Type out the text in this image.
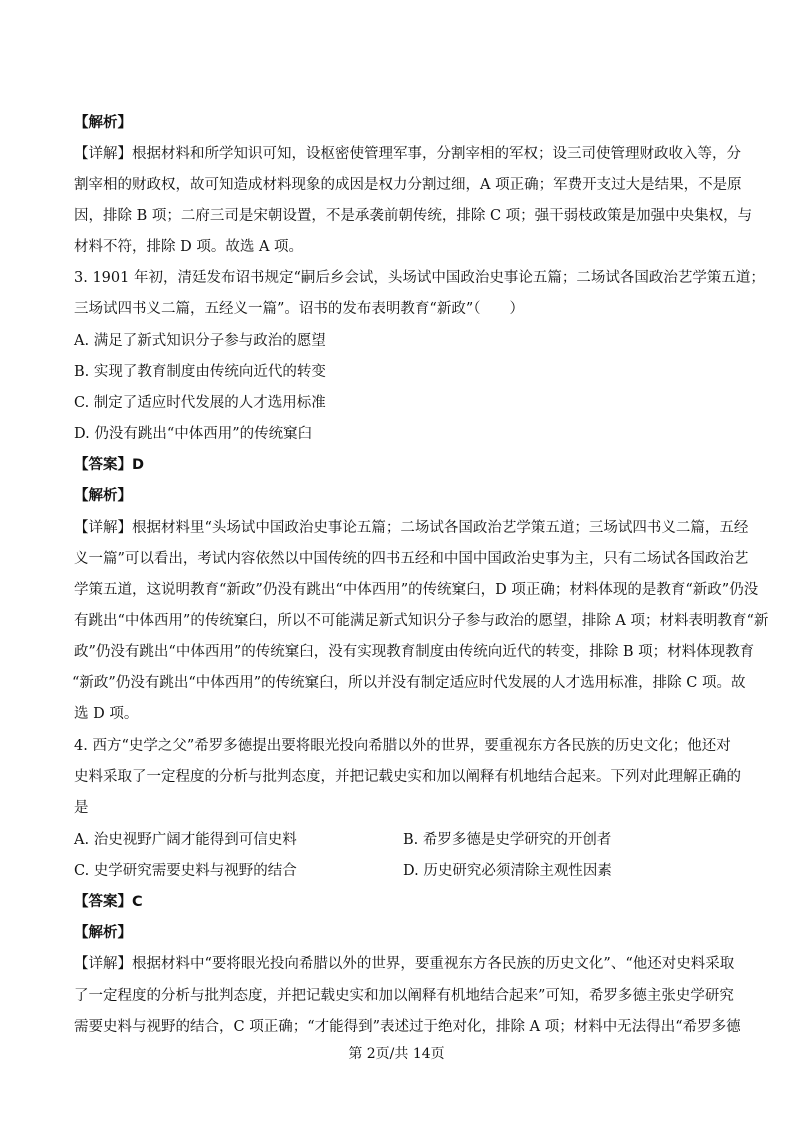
【解析】
【详解】根据材料和所学知识可知，设枢密使管理军事，分割宰相的军权；设三司使管理财政收入等，分
割宰相的财政权，故可知造成材料现象的成因是权力分割过细，A 项正确；军费开支过大是结果，不是原
因，排除 B 项；二府三司是宋朝设置，不是承袭前朝传统，排除 C 项；强干弱枝政策是加强中央集权，与
材料不符，排除 D 项。故选 A 项。
3. 1901 年初，清廷发布诏书规定“嗣后乡会试，头场试中国政治史事论五篇；二场试各国政治艺学策五道；
三场试四书义二篇，五经义一篇”。诏书的发布表明教育“新政”（　　）
A. 满足了新式知识分子参与政治的愿望
B. 实现了教育制度由传统向近代的转变
C. 制定了适应时代发展的人才选用标准
D. 仍没有跳出“中体西用”的传统窠臼
【答案】D
【解析】
【详解】根据材料里“头场试中国政治史事论五篇；二场试各国政治艺学策五道；三场试四书义二篇，五经
义一篇”可以看出，考试内容依然以中国传统的四书五经和中国中国政治史事为主，只有二场试各国政治艺
学策五道，这说明教育“新政”仍没有跳出“中体西用”的传统窠臼，D 项正确；材料体现的是教育“新政”仍没
有跳出“中体西用”的传统窠臼，所以不可能满足新式知识分子参与政治的愿望，排除 A 项；材料表明教育“新
政”仍没有跳出“中体西用”的传统窠臼，没有实现教育制度由传统向近代的转变，排除 B 项；材料体现教育
“新政”仍没有跳出“中体西用”的传统窠臼，所以并没有制定适应时代发展的人才选用标准，排除 C 项。故
选 D 项。
4. 西方“史学之父”希罗多德提出要将眼光投向希腊以外的世界，要重视东方各民族的历史文化；他还对
史料采取了一定程度的分析与批判态度，并把记载史实和加以阐释有机地结合起来。下列对此理解正确的
是
A. 治史视野广阔才能得到可信史料	B. 希罗多德是史学研究的开创者
C. 史学研究需要史料与视野的结合	D. 历史研究必须清除主观性因素
【答案】C
【解析】
【详解】根据材料中“要将眼光投向希腊以外的世界，要重视东方各民族的历史文化”、“他还对史料采取
了一定程度的分析与批判态度，并把记载史实和加以阐释有机地结合起来”可知，希罗多德主张史学研究
需要史料与视野的结合，C 项正确；“才能得到”表述过于绝对化，排除 A 项；材料中无法得出“希罗多德
第 2页/共 14页
